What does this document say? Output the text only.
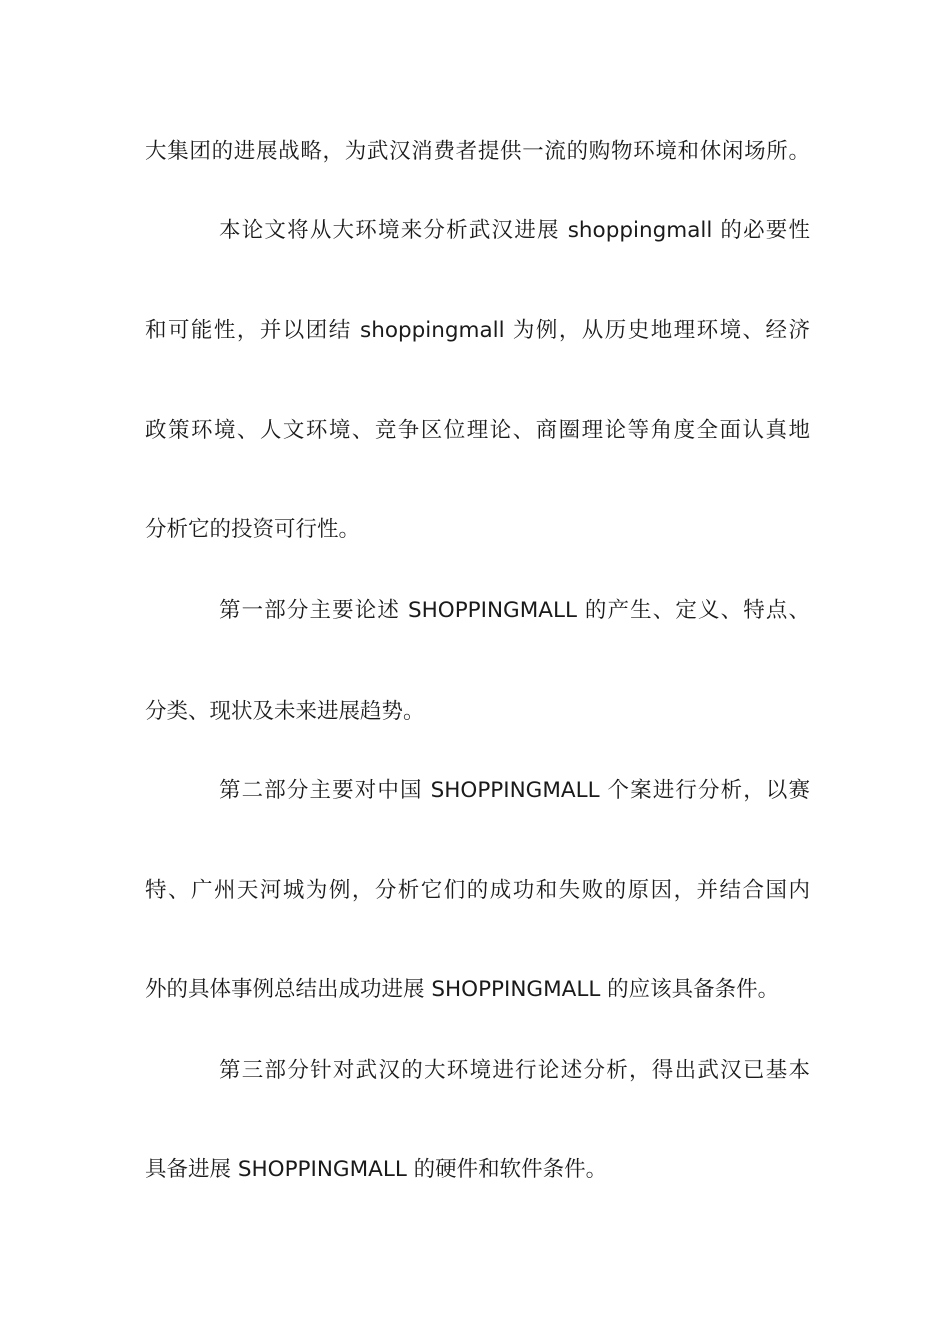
大集团的进展战略，为武汉消费者提供一流的购物环境和休闲场所。
本论文将从大环境来分析武汉进展 shoppingmall 的必要性
和可能性，并以团结 shoppingmall 为例，从历史地理环境、经济
政策环境、人文环境、竞争区位理论、商圈理论等角度全面认真地
分析它的投资可行性。
第一部分主要论述 SHOPPINGMALL 的产生、定义、特点、
分类、现状及未来进展趋势。
第二部分主要对中国 SHOPPINGMALL 个案进行分析，以赛
特、广州天河城为例，分析它们的成功和失败的原因，并结合国内
外的具体事例总结出成功进展 SHOPPINGMALL 的应该具备条件。
第三部分针对武汉的大环境进行论述分析，得出武汉已基本
具备进展 SHOPPINGMALL 的硬件和软件条件。
